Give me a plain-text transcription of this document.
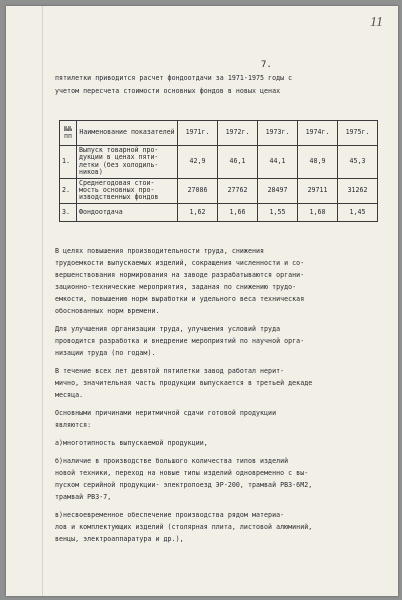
11
7.
пятилетки приводится расчет фондоотдачи за 1971-1975 годы с
учетом пересчета стоимости основных фондов в новых ценах
№№ пп	Наименование показателей	1971г.	1972г.	1973г.	1974г.	1975г.
1.	Выпуск товарной про-
дукции в ценах пяти-
летки (без холодиль-
ников)	42,9	46,1	44,1	48,9	45,3
2.	Среднегодовая стои-
мость основных про-
изводственных фондов	27086	27762	28497	29711	31262
3.	Фондоотдача	1,62	1,66	1,55	1,68	1,45
В целях повышения производительности труда, снижения
трудоемкости выпускаемых изделий, сокращения численности и со-
вершенствования нормирования на заводе разрабатываются органи-
зационно-технические мероприятия, заданая по снижению трудо-
емкости, повышению норм выработки и удельного веса техническая
обоснованных норм времени.
Для улучшения организации труда, улучшения условий труда
проводится разработка и внедрение мероприятий по научной орга-
низации труда (по годам).
В течение всех лет девятой пятилетки завод работал нерит-
мично, значительная часть продукции выпускается в третьей декаде
месяца.
Основными причинами неритмичной сдачи готовой продукции
являются:
а)многотипность выпускаемой продукции,
б)наличие в производстве большого количества типов изделий
новой техники, переход на новые типы изделий одновременно с вы-
пуском серийной продукции- электропоезд ЭР-200, трамвай РВЗ-6М2,
трамвай РВЗ-7,
в)несвоевременное обеспечение производства рядом материа-
лов и комплектующих изделий (столярная плита, листовой алюминий,
венцы, электроаппаратура и др.),
